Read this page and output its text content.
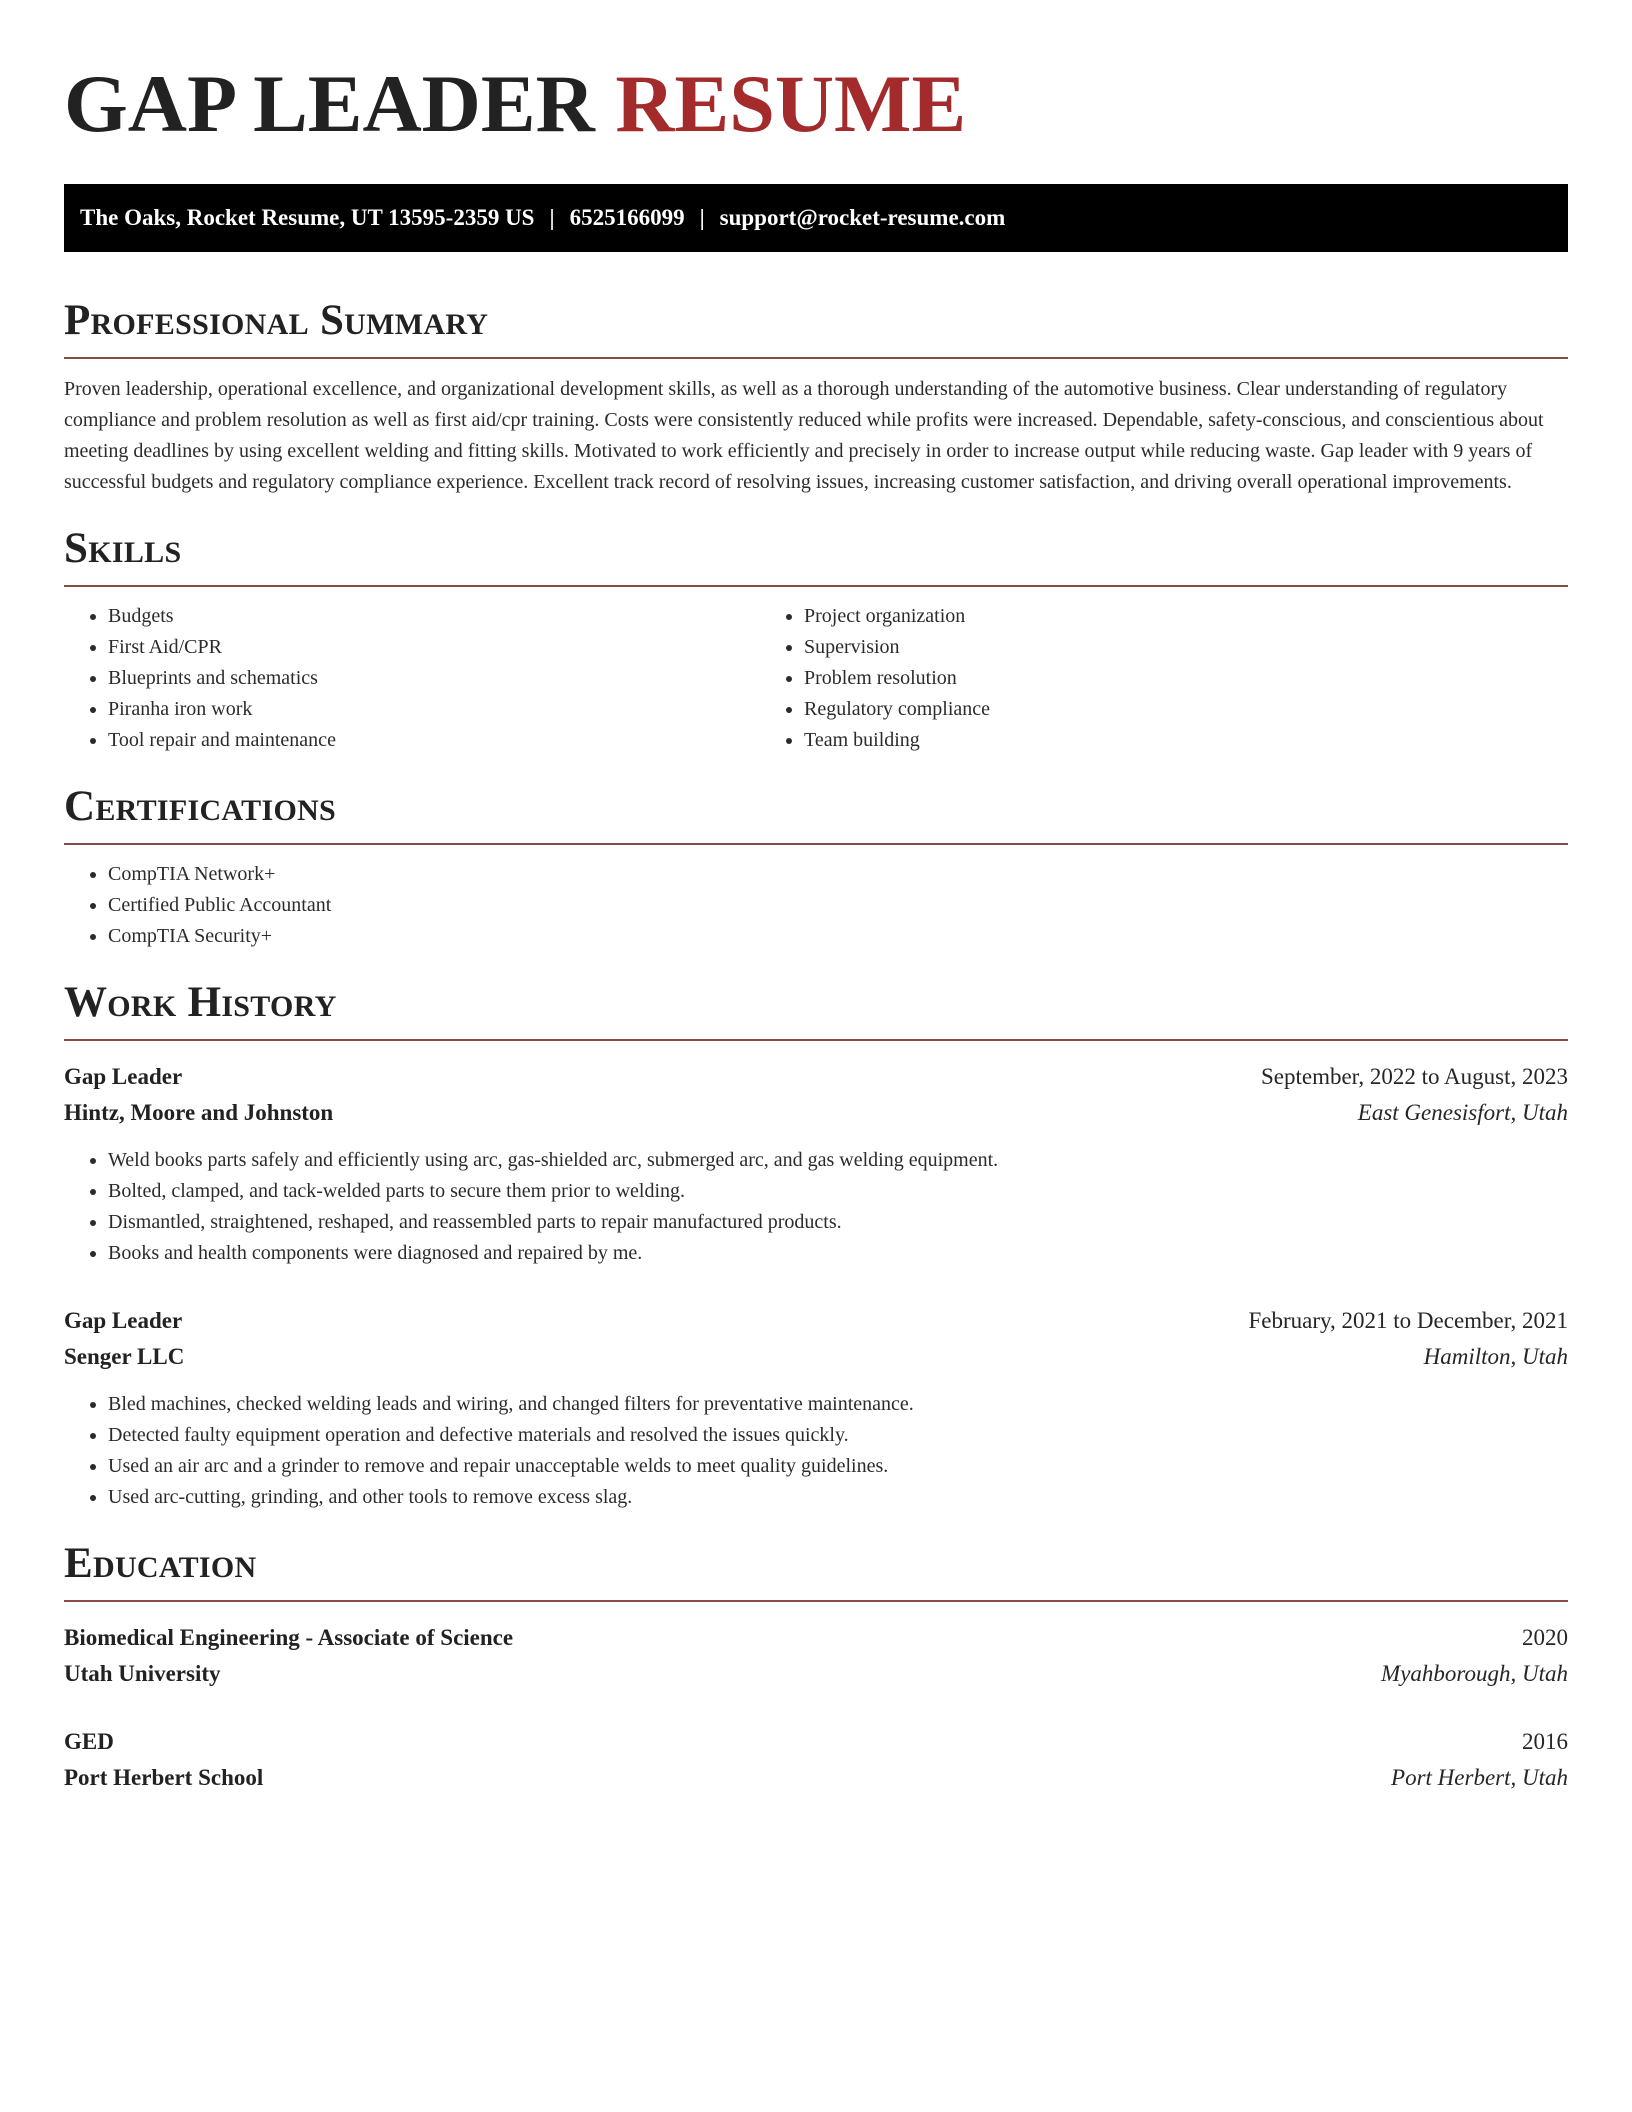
GAP LEADER RESUME
The Oaks, Rocket Resume, UT 13595-2359 US | 6525166099 | support@rocket-resume.com
Professional Summary

Proven leadership, operational excellence, and organizational development skills, as well as a thorough understanding of the automotive business. Clear understanding of regulatory compliance and problem resolution as well as first aid/cpr training. Costs were consistently reduced while profits were increased. Dependable, safety-conscious, and conscientious about meeting deadlines by using excellent welding and fitting skills. Motivated to work efficiently and precisely in order to increase output while reducing waste. Gap leader with 9 years of successful budgets and regulatory compliance experience. Excellent track record of resolving issues, increasing customer satisfaction, and driving overall operational improvements.

Skills
• Budgets
• First Aid/CPR
• Blueprints and schematics
• Piranha iron work
• Tool repair and maintenance
• Project organization
• Supervision
• Problem resolution
• Regulatory compliance
• Team building
Certifications
• CompTIA Network+
• Certified Public Accountant
• CompTIA Security+
Work History
Gap Leader	September, 2022 to August, 2023
Hintz, Moore and Johnston	East Genesisfort, Utah
• Weld books parts safely and efficiently using arc, gas-shielded arc, submerged arc, and gas welding equipment.
• Bolted, clamped, and tack-welded parts to secure them prior to welding.
• Dismantled, straightened, reshaped, and reassembled parts to repair manufactured products.
• Books and health components were diagnosed and repaired by me.
Gap Leader	February, 2021 to December, 2021
Senger LLC	Hamilton, Utah
• Bled machines, checked welding leads and wiring, and changed filters for preventative maintenance.
• Detected faulty equipment operation and defective materials and resolved the issues quickly.
• Used an air arc and a grinder to remove and repair unacceptable welds to meet quality guidelines.
• Used arc-cutting, grinding, and other tools to remove excess slag.
Education
Biomedical Engineering - Associate of Science	2020
Utah University	Myahborough, Utah
GED	2016
Port Herbert School	Port Herbert, Utah
